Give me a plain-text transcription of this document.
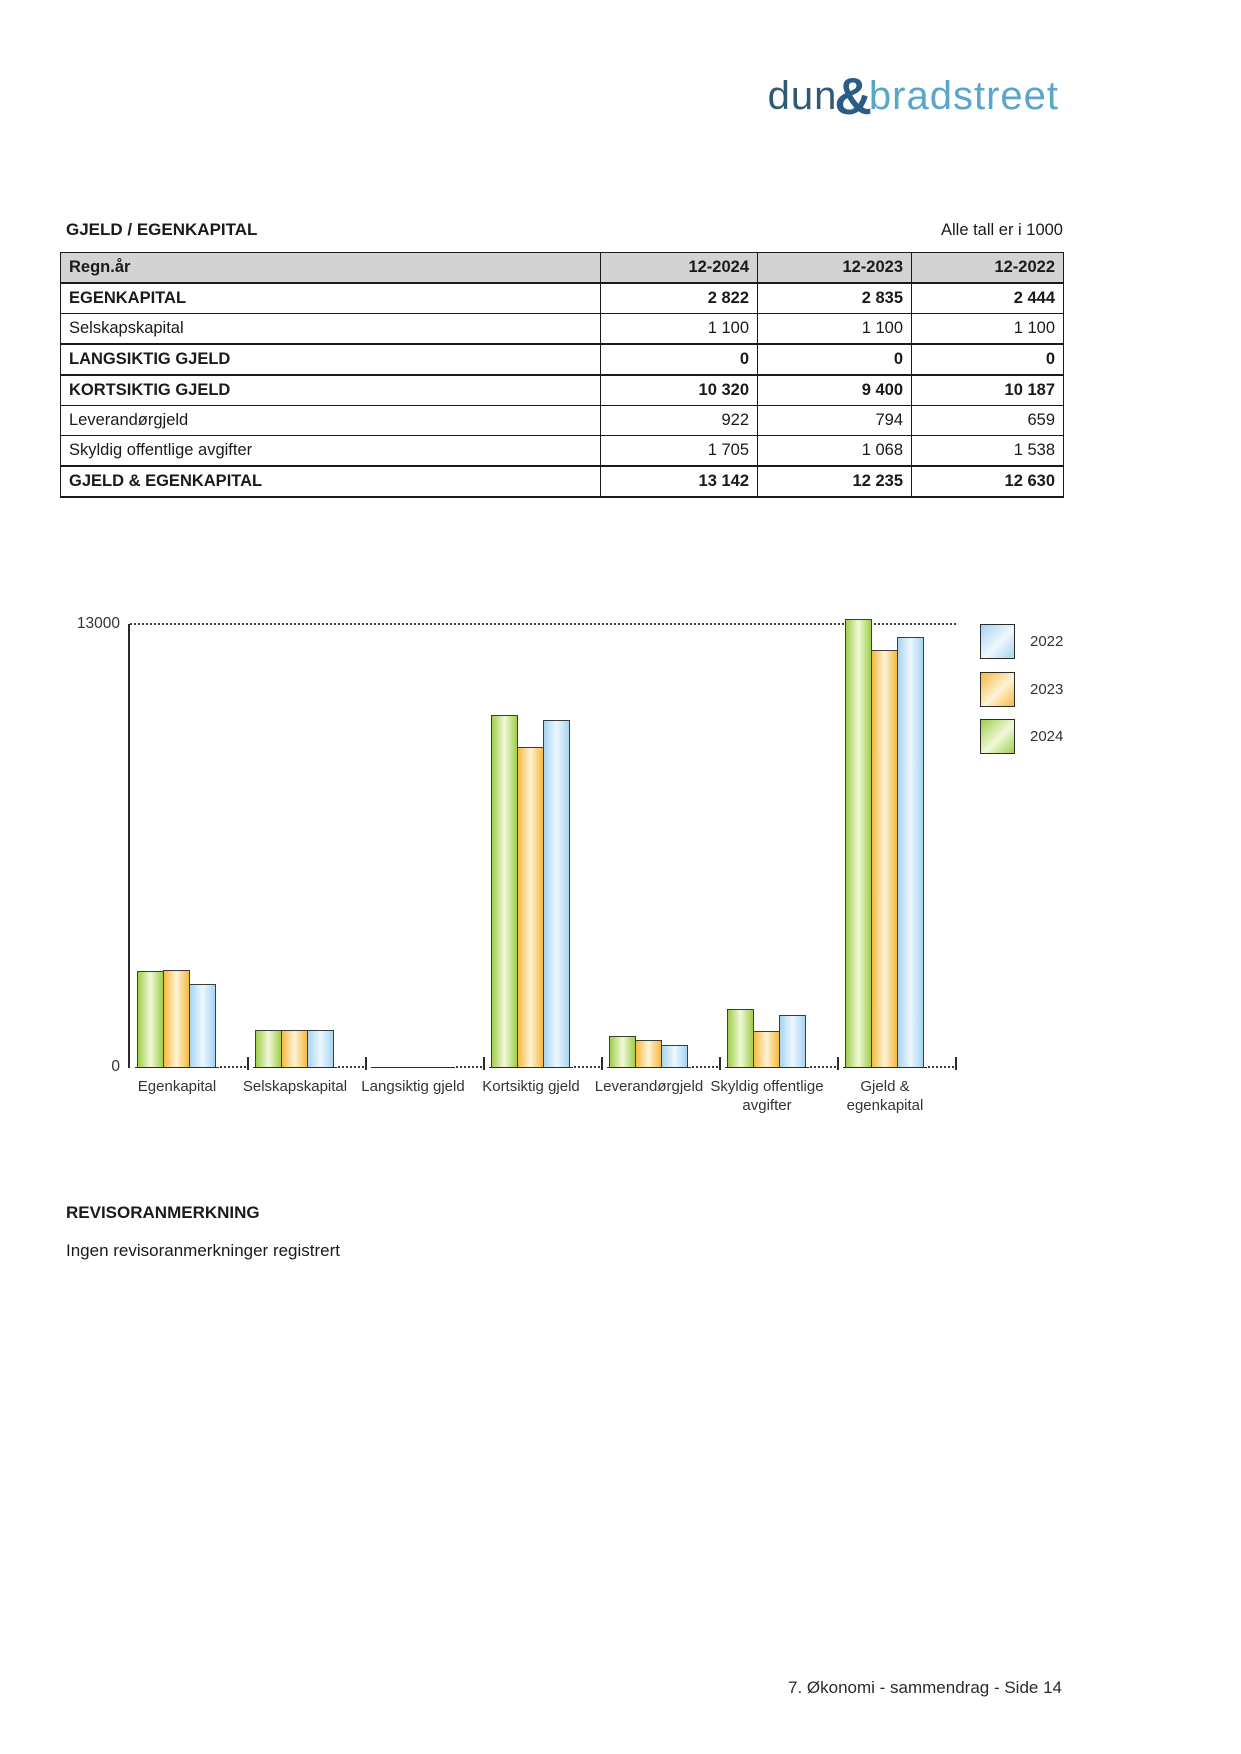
dun&bradstreet
GJELD / EGENKAPITAL	Alle tall er i 1000
Regn.år	12-2024	12-2023	12-2022
EGENKAPITAL	2 822	2 835	2 444
Selskapskapital	1 100	1 100	1 100
LANGSIKTIG GJELD	0	0	0
KORTSIKTIG GJELD	10 320	9 400	10 187
Leverandørgjeld	922	794	659
Skyldig offentlige avgifter	1 705	1 068	1 538
GJELD & EGENKAPITAL	13 142	12 235	12 630
13000
0
Egenkapital	Selskapskapital Langsiktig gjeld	Kortsiktig gjeld	Leverandørgjeld Skyldig offentlige
avgifter
Gjeld &
egenkapital
2022
2023
2024
REVISORANMERKNING
Ingen revisoranmerkninger registrert
7. Økonomi - sammendrag - Side 14
